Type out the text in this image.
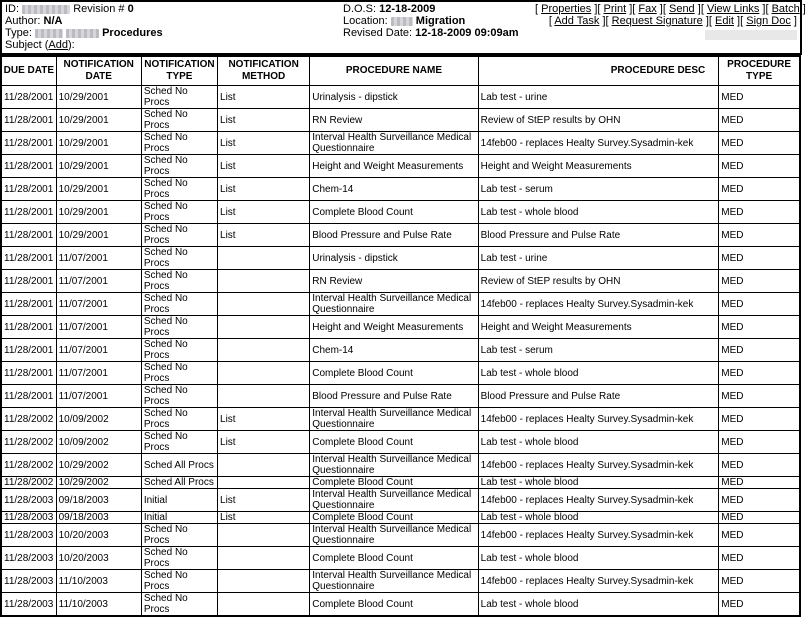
ID:	Revision # 0
Author: N/A
Type:	Procedures
Subject (Add):
D.O.S: 12-18-2009
Location:	Migration
Revised Date: 12-18-2009 09:09am
[ Properties ][ Print ][ Fax ][ Send ][ View Links ][ Batch ]
[ Add Task ][ Request Signature ][ Edit ][ Sign Doc ]
DUE DATE	NOTIFICATION DATE	NOTIFICATION TYPE	NOTIFICATION METHOD	PROCEDURE NAME	PROCEDURE DESC	PROCEDURE TYPE
11/28/2001	10/29/2001	Sched No Procs	List	Urinalysis - dipstick	Lab test - urine	MED
11/28/2001	10/29/2001	Sched No Procs	List	RN Review	Review of StEP results by OHN	MED
11/28/2001	10/29/2001	Sched No Procs	List	Interval Health Surveillance Medical Questionnaire	14feb00 - replaces Healty Survey.Sysadmin-kek	MED
11/28/2001	10/29/2001	Sched No Procs	List	Height and Weight Measurements	Height and Weight Measurements	MED
11/28/2001	10/29/2001	Sched No Procs	List	Chem-14	Lab test - serum	MED
11/28/2001	10/29/2001	Sched No Procs	List	Complete Blood Count	Lab test - whole blood	MED
11/28/2001	10/29/2001	Sched No Procs	List	Blood Pressure and Pulse Rate	Blood Pressure and Pulse Rate	MED
11/28/2001	11/07/2001	Sched No Procs		Urinalysis - dipstick	Lab test - urine	MED
11/28/2001	11/07/2001	Sched No Procs		RN Review	Review of StEP results by OHN	MED
11/28/2001	11/07/2001	Sched No Procs		Interval Health Surveillance Medical Questionnaire	14feb00 - replaces Healty Survey.Sysadmin-kek	MED
11/28/2001	11/07/2001	Sched No Procs		Height and Weight Measurements	Height and Weight Measurements	MED
11/28/2001	11/07/2001	Sched No Procs		Chem-14	Lab test - serum	MED
11/28/2001	11/07/2001	Sched No Procs		Complete Blood Count	Lab test - whole blood	MED
11/28/2001	11/07/2001	Sched No Procs		Blood Pressure and Pulse Rate	Blood Pressure and Pulse Rate	MED
11/28/2002	10/09/2002	Sched No Procs	List	Interval Health Surveillance Medical Questionnaire	14feb00 - replaces Healty Survey.Sysadmin-kek	MED
11/28/2002	10/09/2002	Sched No Procs	List	Complete Blood Count	Lab test - whole blood	MED
11/28/2002	10/29/2002	Sched All Procs		Interval Health Surveillance Medical Questionnaire	14feb00 - replaces Healty Survey.Sysadmin-kek	MED
11/28/2002	10/29/2002	Sched All Procs		Complete Blood Count	Lab test - whole blood	MED
11/28/2003	09/18/2003	Initial	List	Interval Health Surveillance Medical Questionnaire	14feb00 - replaces Healty Survey.Sysadmin-kek	MED
11/28/2003	09/18/2003	Initial	List	Complete Blood Count	Lab test - whole blood	MED
11/28/2003	10/20/2003	Sched No Procs		Interval Health Surveillance Medical Questionnaire	14feb00 - replaces Healty Survey.Sysadmin-kek	MED
11/28/2003	10/20/2003	Sched No Procs		Complete Blood Count	Lab test - whole blood	MED
11/28/2003	11/10/2003	Sched No Procs		Interval Health Surveillance Medical Questionnaire	14feb00 - replaces Healty Survey.Sysadmin-kek	MED
11/28/2003	11/10/2003	Sched No Procs		Complete Blood Count	Lab test - whole blood	MED
